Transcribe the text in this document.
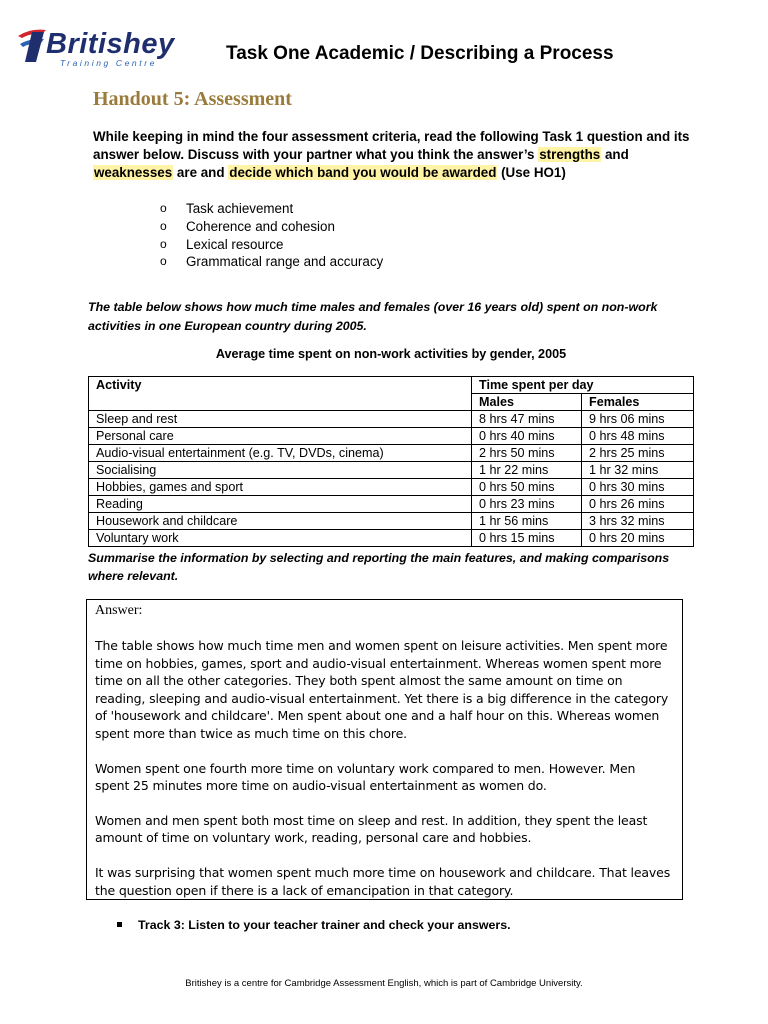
Britishey
Training Centre	Task One Academic / Describing a Process
Handout 5: Assessment
While keeping in mind the four assessment criteria, read the following Task 1 question and its answer below. Discuss with your partner what you think the answer’s strengths and weaknesses are and decide which band you would be awarded (Use HO1)
o Task achievement
o Coherence and cohesion
o Lexical resource
o Grammatical range and accuracy
The table below shows how much time males and females (over 16 years old) spent on non-work activities in one European country during 2005.
Average time spent on non-work activities by gender, 2005
Activity	Time spent per day	
	Males	Females
Sleep and rest	8 hrs 47 mins	9 hrs 06 mins
Personal care	0 hrs 40 mins	0 hrs 48 mins
Audio-visual entertainment (e.g. TV, DVDs, cinema)	2 hrs 50 mins	2 hrs 25 mins
Socialising	1 hr 22 mins	1 hr 32 mins
Hobbies, games and sport	0 hrs 50 mins	0 hrs 30 mins
Reading	0 hrs 23 mins	0 hrs 26 mins
Housework and childcare	1 hr 56 mins	3 hrs 32 mins
Voluntary work	0 hrs 15 mins	0 hrs 20 mins
Summarise the information by selecting and reporting the main features, and making comparisons where relevant.
Answer:

The table shows how much time men and women spent on leisure activities. Men spent more time on hobbies, games, sport and audio-visual entertainment. Whereas women spent more time on all the other categories. They both spent almost the same amount on time on reading, sleeping and audio-visual entertainment. Yet there is a big difference in the category of 'housework and childcare'. Men spent about one and a half hour on this. Whereas women spent more than twice as much time on this chore.

Women spent one fourth more time on voluntary work compared to men. However. Men spent 25 minutes more time on audio-visual entertainment as women do.

Women and men spent both most time on sleep and rest. In addition, they spent the least amount of time on voluntary work, reading, personal care and hobbies.

It was surprising that women spent much more time on housework and childcare. That leaves the question open if there is a lack of emancipation in that category.

Track 3: Listen to your teacher trainer and check your answers.
Britishey is a centre for Cambridge Assessment English, which is part of Cambridge University.
